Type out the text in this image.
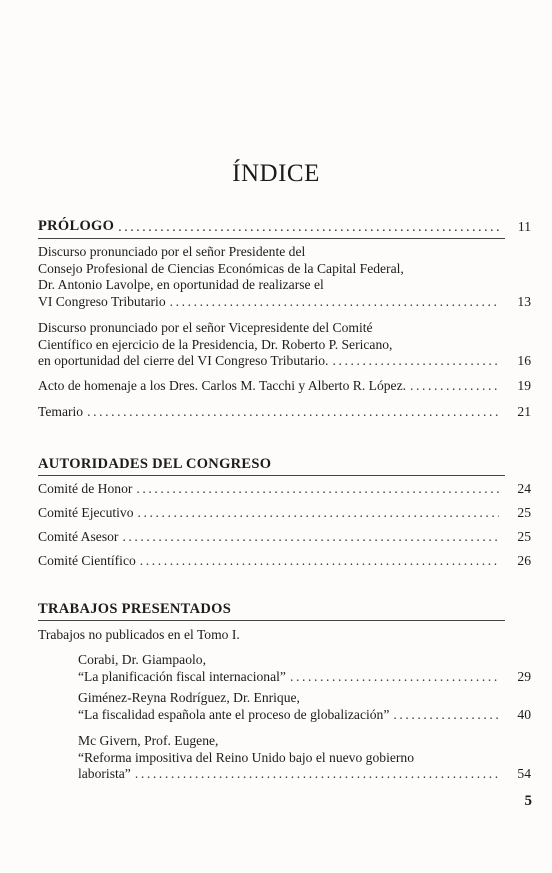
ÍNDICE
PRÓLOGO .....	11
Discurso pronunciado por el señor Presidente del
Consejo Profesional de Ciencias Económicas de la Capital Federal,
Dr. Antonio Lavolpe, en oportunidad de realizarse el
VI Congreso Tributario .....	13
Discurso pronunciado por el señor Vicepresidente del Comité
Científico en ejercicio de la Presidencia, Dr. Roberto P. Sericano,
en oportunidad del cierre del VI Congreso Tributario. .....	16
Acto de homenaje a los Dres. Carlos M. Tacchi y Alberto R. López. .....	19
Temario .....	21
AUTORIDADES DEL CONGRESO
Comité de Honor .....	24
Comité Ejecutivo .....	25
Comité Asesor .....	25
Comité Científico .....	26
TRABAJOS PRESENTADOS
Trabajos no publicados en el Tomo I.
Corabi, Dr. Giampaolo,
“La planificación fiscal internacional” .....	29
Giménez-Reyna Rodríguez, Dr. Enrique,
“La fiscalidad española ante el proceso de globalización” .....	40
Mc Givern, Prof. Eugene,
“Reforma impositiva del Reino Unido bajo el nuevo gobierno
laborista” .....	54
5
